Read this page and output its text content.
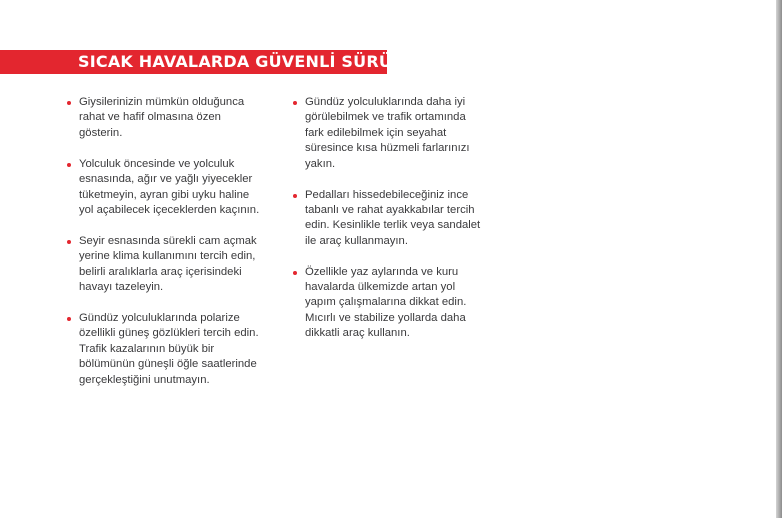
SICAK HAVALARDA GÜVENLİ SÜRÜŞ
Giysilerinizin mümkün olduğunca
rahat ve hafif olmasına özen
gösterin.
Yolculuk öncesinde ve yolculuk
esnasında, ağır ve yağlı yiyecekler
tüketmeyin, ayran gibi uyku haline
yol açabilecek içeceklerden kaçının.
Seyir esnasında sürekli cam açmak
yerine klima kullanımını tercih edin,
belirli aralıklarla araç içerisindeki
havayı tazeleyin.
Gündüz yolculuklarında polarize
özellikli güneş gözlükleri tercih edin.
Trafik kazalarının büyük bir
bölümünün güneşli öğle saatlerinde
gerçekleştiğini unutmayın.
Gündüz yolculuklarında daha iyi
görülebilmek ve trafik ortamında
fark edilebilmek için seyahat
süresince kısa hüzmeli farlarınızı
yakın.
Pedalları hissedebileceğiniz ince
tabanlı ve rahat ayakkabılar tercih
edin. Kesinlikle terlik veya sandalet
ile araç kullanmayın.
Özellikle yaz aylarında ve kuru
havalarda ülkemizde artan yol
yapım çalışmalarına dikkat edin.
Mıcırlı ve stabilize yollarda daha
dikkatli araç kullanın.
